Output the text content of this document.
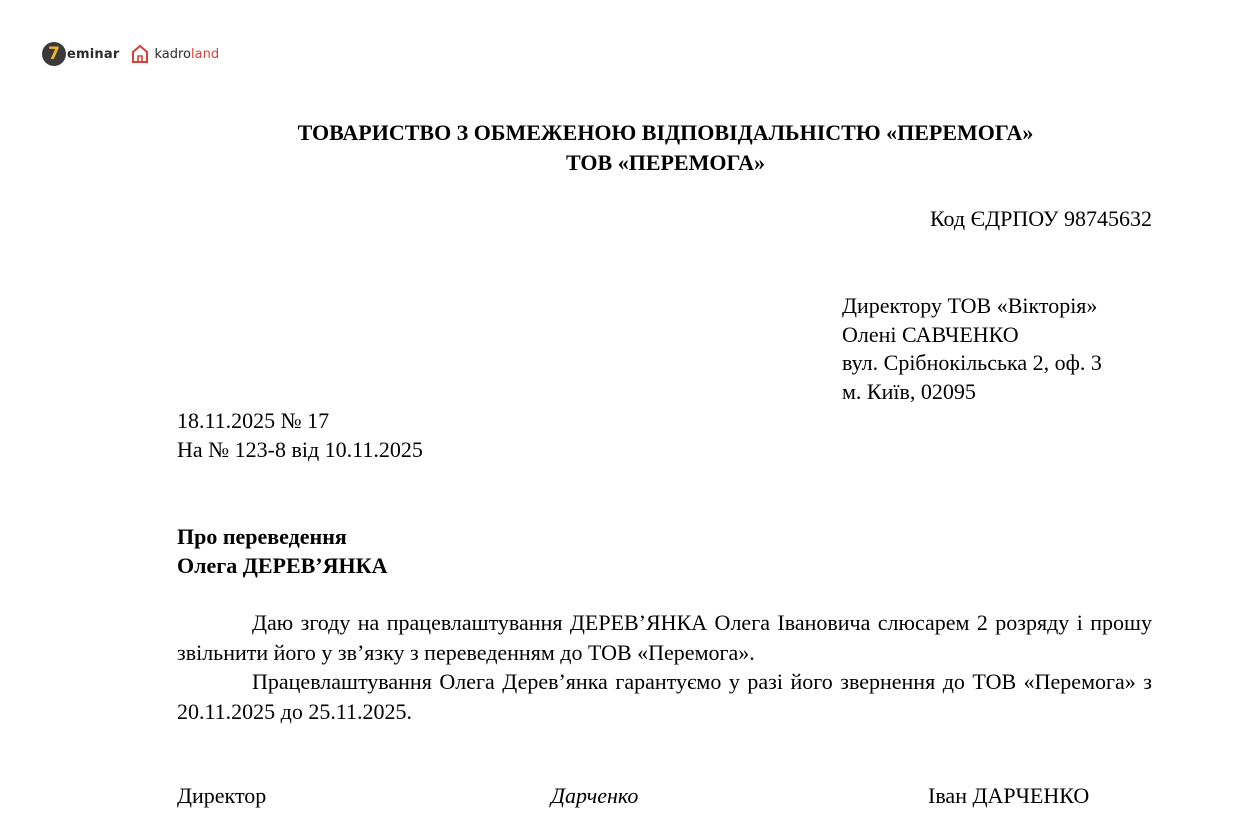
7 eminar	kadro land
ТОВАРИСТВО З ОБМЕЖЕНОЮ ВІДПОВІДАЛЬНІСТЮ «ПЕРЕМОГА»
ТОВ «ПЕРЕМОГА»
Код ЄДРПОУ 98745632
Директору ТОВ «Вікторія»
Олені САВЧЕНКО
вул. Срібнокільська 2, оф. 3
м. Київ, 02095
18.11.2025 № 17
На № 123-8 від 10.11.2025
Про переведення
Олега ДЕРЕВ’ЯНКА

Даю згоду на працевлаштування ДЕРЕВ’ЯНКА Олега Івановича слюсарем 2 розряду і прошу звільнити його у зв’язку з переведенням до ТОВ «Перемога».

Працевлаштування Олега Дерев’янка гарантуємо у разі його звернення до ТОВ «Перемога» з 20.11.2025 до 25.11.2025.

Директор	Дарченко	Іван ДАРЧЕНКО
